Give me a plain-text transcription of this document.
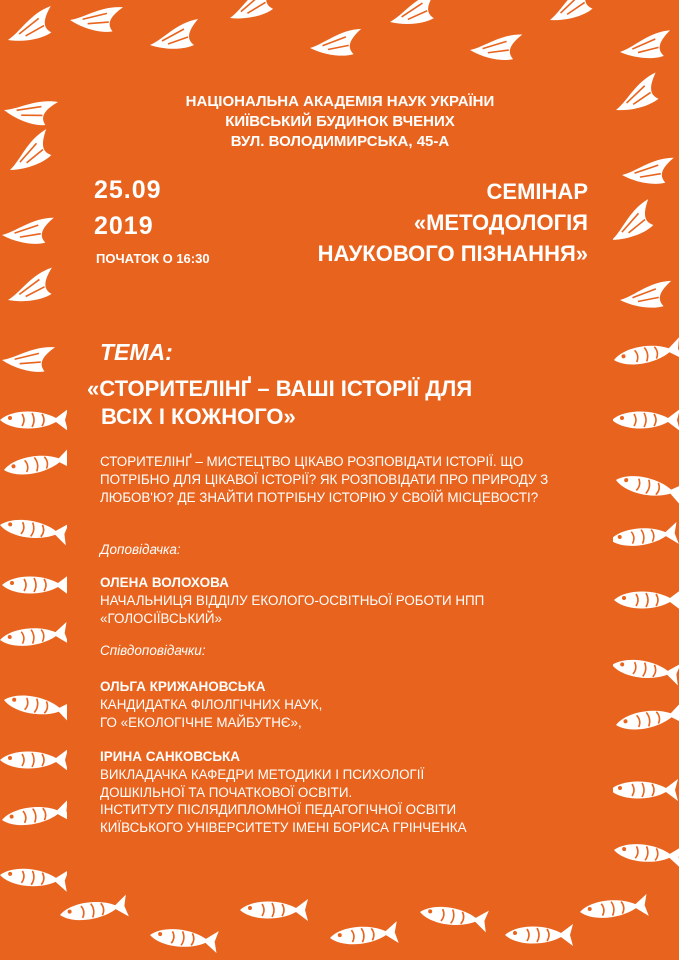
НАЦІОНАЛЬНА АКАДЕМІЯ НАУК УКРАЇНИ

КИЇВСЬКИЙ БУДИНОК ВЧЕНИХ

ВУЛ. ВОЛОДИМИРСЬКА, 45-А

25.09

2019

ПОЧАТОК О 16:30

СЕМІНАР

«МЕТОДОЛОГІЯ

НАУКОВОГО ПІЗНАННЯ»

ТЕМА:

«СТОРИТЕЛІНҐ – ВАШІ ІСТОРІЇ ДЛЯ
ВСІХ І КОЖНОГО»

СТОРИТЕЛІНҐ – МИСТЕЦТВО ЦІКАВО РОЗПОВІДАТИ ІСТОРІЇ. ЩО ПОТРІБНО ДЛЯ ЦІКАВОЇ ІСТОРІЇ? ЯК РОЗПОВІДАТИ ПРО ПРИРОДУ З ЛЮБОВ'Ю? ДЕ ЗНАЙТИ ПОТРІБНУ ІСТОРІЮ У СВОЇЙ МІСЦЕВОСТІ?

Доповідачка:

ОЛЕНА ВОЛОХОВА

НАЧАЛЬНИЦЯ ВІДДІЛУ ЕКОЛОГО-ОСВІТНЬОЇ РОБОТИ НПП «ГОЛОСІЇВСЬКИЙ»

Співдоповідачки:

ОЛЬГА КРИЖАНОВСЬКА

КАНДИДАТКА ФІЛОЛГІЧНИХ НАУК,
ГО «ЕКОЛОГІЧНЕ МАЙБУТНЄ»,

ІРИНА САНКОВСЬКА

ВИКЛАДАЧКА КАФЕДРИ МЕТОДИКИ І ПСИХОЛОГІЇ
ДОШКІЛЬНОЇ ТА ПОЧАТКОВОЇ ОСВІТИ.
ІНСТИТУТУ ПІСЛЯДИПЛОМНОЇ ПЕДАГОГІЧНОЇ ОСВІТИ
КИЇВСЬКОГО УНІВЕРСИТЕТУ ІМЕНІ БОРИСА ГРІНЧЕНКА
